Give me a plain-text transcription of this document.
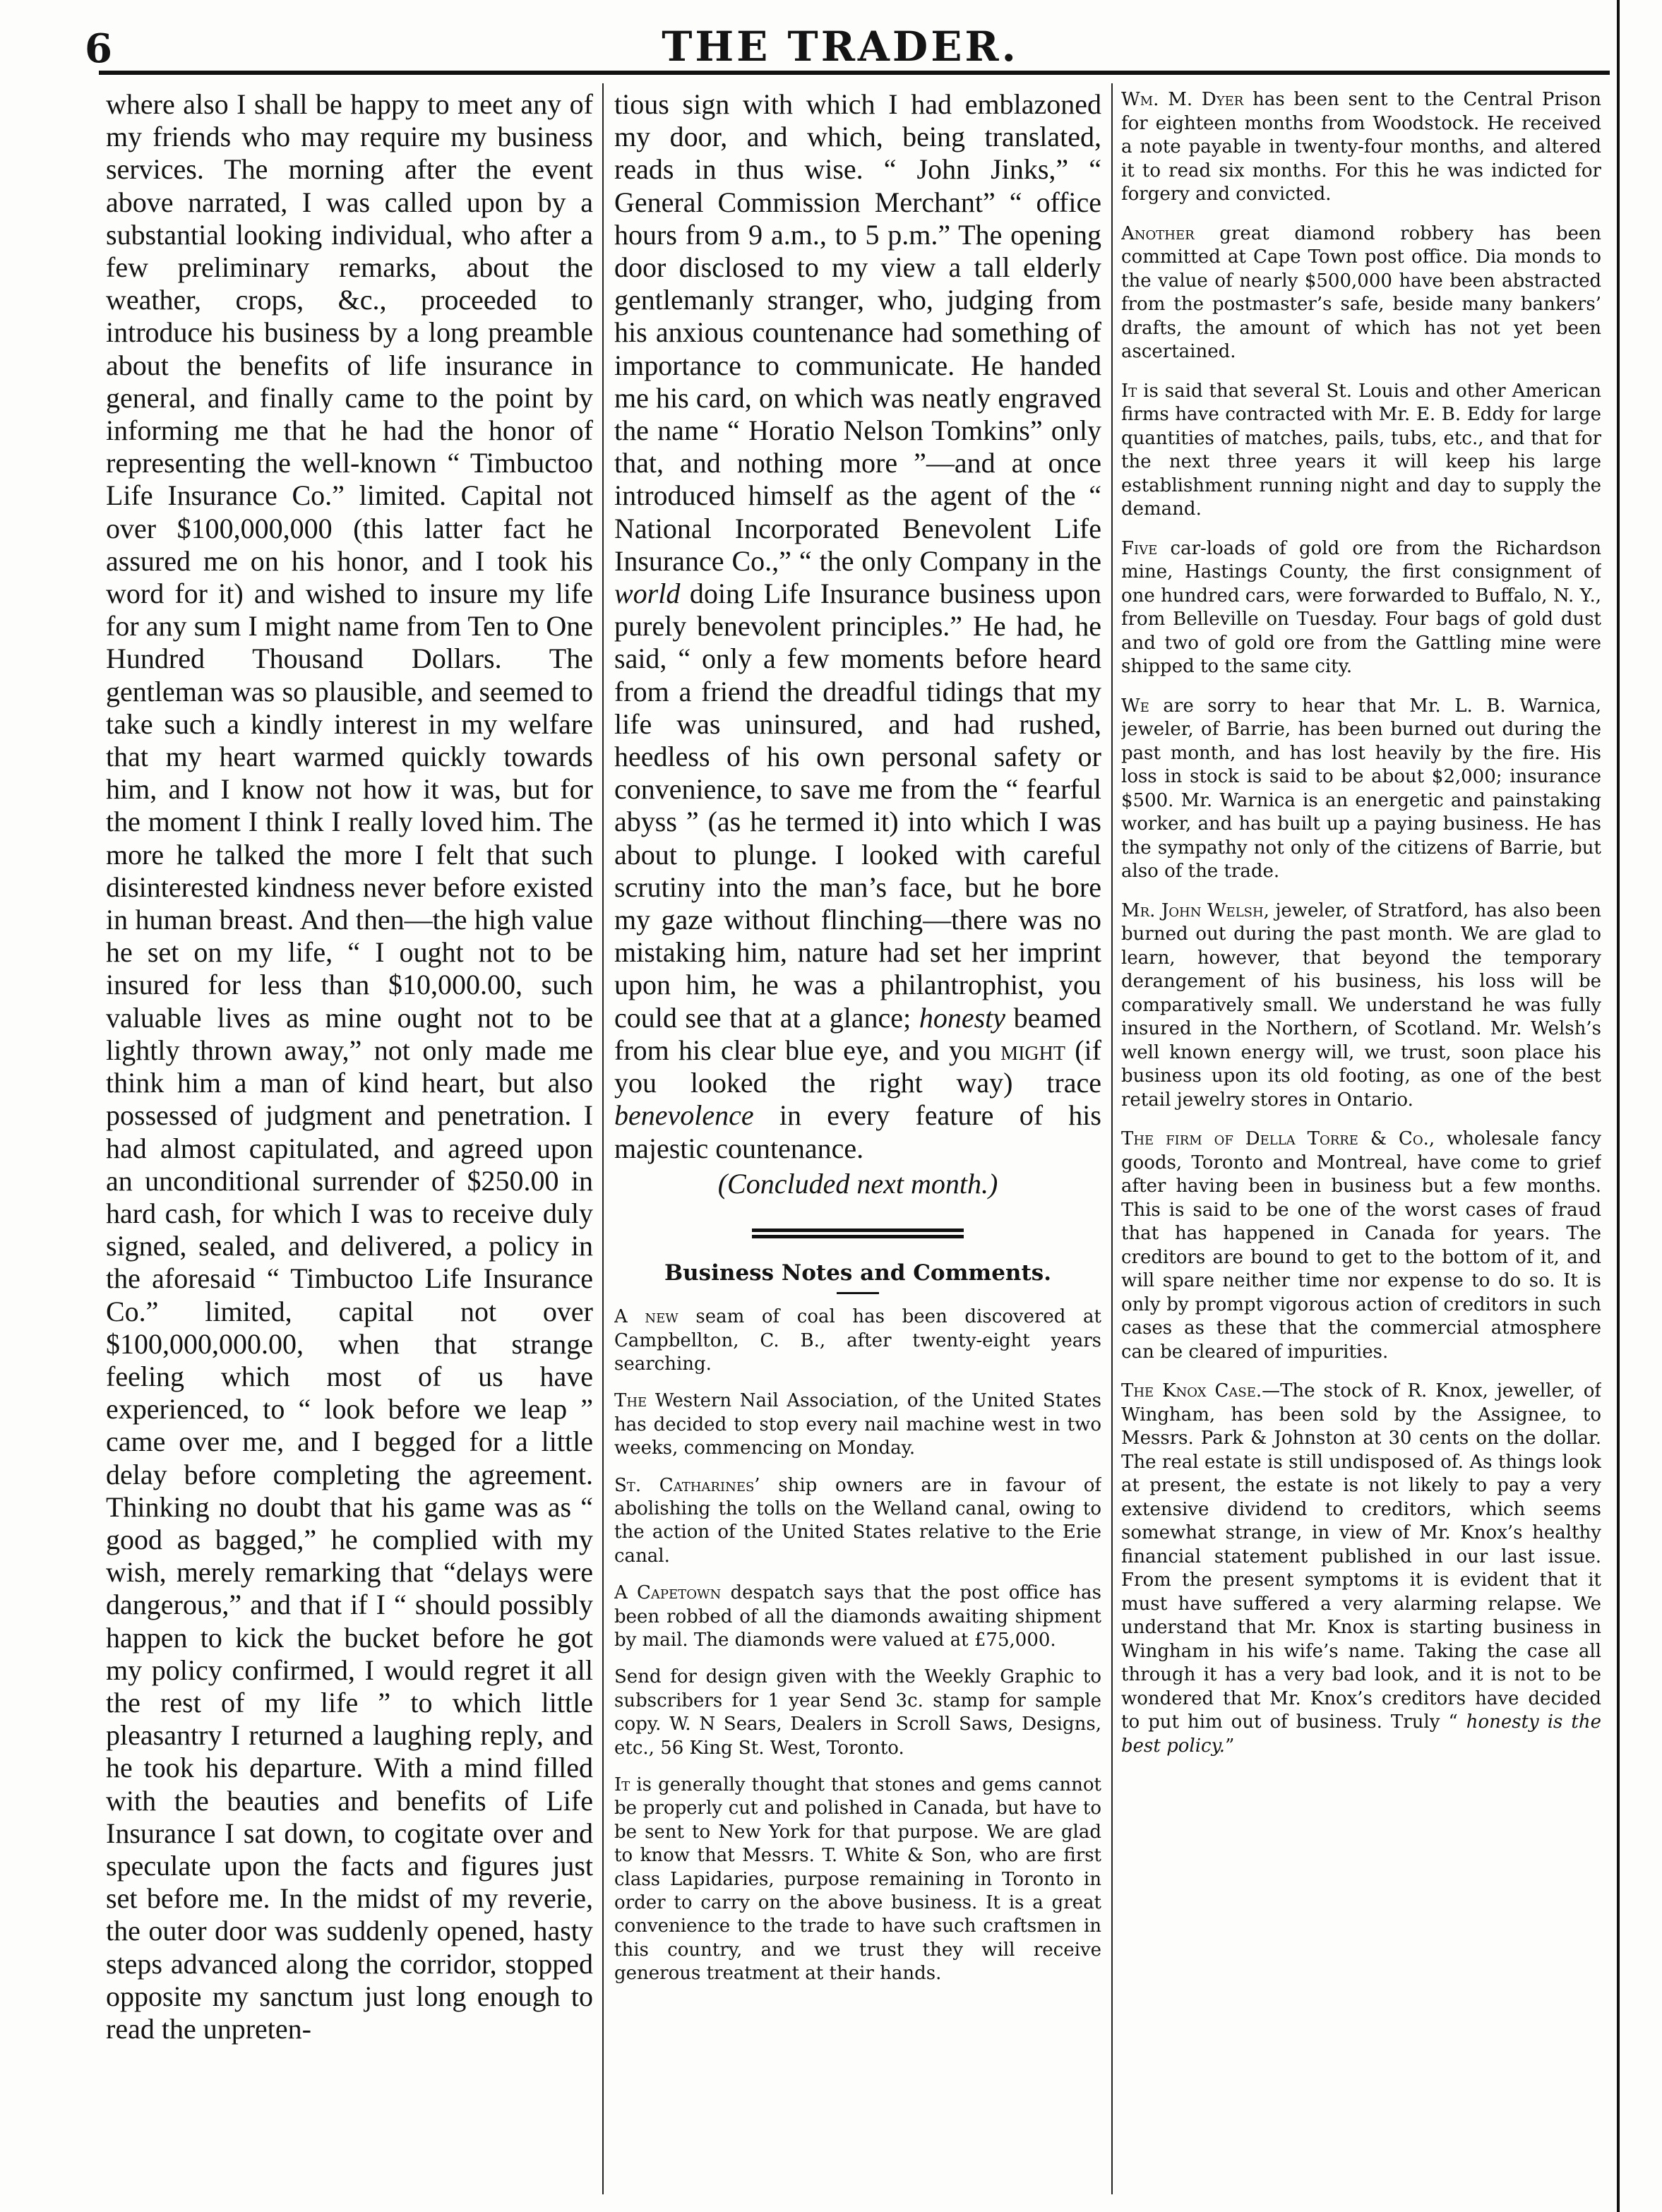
6	THE TRADER.

where also I shall be happy to meet any of my friends who may require my business services. The morning after the event above narrated, I was called upon by a substantial looking individual, who after a few preliminary remarks, about the weather, crops, &c., proceeded to introduce his business by a long preamble about the benefits of life insurance in general, and finally came to the point by informing me that he had the honor of representing the well-known “ Timbuctoo Life Insurance Co.” limited. Capital not over $100,000,000 (this latter fact he assured me on his honor, and I took his word for it) and wished to insure my life for any sum I might name from Ten to One Hundred Thousand Dollars. The gentleman was so plausible, and seemed to take such a kindly interest in my welfare that my heart warmed quickly towards him, and I know not how it was, but for the moment I think I really loved him. The more he talked the more I felt that such disinterested kindness never before existed in human breast. And then—the high value he set on my life, “ I ought not to be insured for less than $10,000.00, such valuable lives as mine ought not to be lightly thrown away,” not only made me think him a man of kind heart, but also possessed of judgment and penetration. I had almost capitulated, and agreed upon an unconditional surrender of $250.00 in hard cash, for which I was to receive duly signed, sealed, and delivered, a policy in the aforesaid “ Timbuctoo Life Insurance Co.” limited, capital not over $100,000,000.00, when that strange feeling which most of us have experienced, to “ look before we leap ” came over me, and I begged for a little delay before completing the agreement. Thinking no doubt that his game was as “ good as bagged,” he complied with my wish, merely remarking that “delays were dangerous,” and that if I “ should possibly happen to kick the bucket before he got my policy confirmed, I would regret it all the rest of my life ” to which little pleasantry I returned a laughing reply, and he took his departure. With a mind filled with the beauties and benefits of Life Insurance I sat down, to cogitate over and speculate upon the facts and figures just set before me. In the midst of my reverie, the outer door was suddenly opened, hasty steps advanced along the corridor, stopped opposite my sanctum just long enough to read the unpreten-

tious sign with which I had emblazoned my door, and which, being translated, reads in thus wise. “ John Jinks,” “ General Commission Merchant” “ office hours from 9 a.m., to 5 p.m.” The opening door disclosed to my view a tall elderly gentlemanly stranger, who, judging from his anxious countenance had something of importance to communicate. He handed me his card, on which was neatly engraved the name “ Horatio Nelson Tomkins” only that, and nothing more ”—and at once introduced himself as the agent of the “ National Incorporated Benevolent Life Insurance Co.,” “ the only Company in the world doing Life Insurance business upon purely benevolent principles.” He had, he said, “ only a few moments before heard from a friend the dreadful tidings that my life was uninsured, and had rushed, heedless of his own personal safety or convenience, to save me from the “ fearful abyss ” (as he termed it) into which I was about to plunge. I looked with careful scrutiny into the man’s face, but he bore my gaze without flinching—there was no mistaking him, nature had set her imprint upon him, he was a philantrophist, you could see that at a glance; honesty beamed from his clear blue eye, and you might (if you looked the right way) trace benevolence in every feature of his majestic countenance.

(Concluded next month.)

Business Notes and Comments.

A new seam of coal has been discovered at Campbellton, C. B., after twenty-eight years searching.

The Western Nail Association, of the United States has decided to stop every nail machine west in two weeks, commencing on Monday.

St. Catharines’ ship owners are in favour of abolishing the tolls on the Welland canal, owing to the action of the United States relative to the Erie canal.

A Capetown despatch says that the post office has been robbed of all the diamonds awaiting shipment by mail. The diamonds were valued at £75,000.

Send for design given with the Weekly Graphic to subscribers for 1 year Send 3c. stamp for sample copy. W. N Sears, Dealers in Scroll Saws, Designs, etc., 56 King St. West, Toronto.

It is generally thought that stones and gems cannot be properly cut and polished in Canada, but have to be sent to New York for that purpose. We are glad to know that Messrs. T. White & Son, who are first class Lapidaries, purpose remaining in Toronto in order to carry on the above business. It is a great convenience to the trade to have such craftsmen in this country, and we trust they will receive generous treatment at their hands.

Wm. M. Dyer has been sent to the Central Prison for eighteen months from Woodstock. He received a note payable in twenty-four months, and altered it to read six months. For this he was indicted for forgery and convicted.

Another great diamond robbery has been committed at Cape Town post office. Dia monds to the value of nearly $500,000 have been abstracted from the postmaster’s safe, beside many bankers’ drafts, the amount of which has not yet been ascertained.

It is said that several St. Louis and other American firms have contracted with Mr. E. B. Eddy for large quantities of matches, pails, tubs, etc., and that for the next three years it will keep his large establishment running night and day to supply the demand.

Five car-loads of gold ore from the Richardson mine, Hastings County, the first consignment of one hundred cars, were forwarded to Buffalo, N. Y., from Belleville on Tuesday. Four bags of gold dust and two of gold ore from the Gattling mine were shipped to the same city.

We are sorry to hear that Mr. L. B. Warnica, jeweler, of Barrie, has been burned out during the past month, and has lost heavily by the fire. His loss in stock is said to be about $2,000; insurance $500. Mr. Warnica is an energetic and painstaking worker, and has built up a paying business. He has the sympathy not only of the citizens of Barrie, but also of the trade.

Mr. John Welsh, jeweler, of Stratford, has also been burned out during the past month. We are glad to learn, however, that beyond the temporary derangement of his business, his loss will be comparatively small. We understand he was fully insured in the Northern, of Scotland. Mr. Welsh’s well known energy will, we trust, soon place his business upon its old footing, as one of the best retail jewelry stores in Ontario.

The firm of Della Torre & Co., wholesale fancy goods, Toronto and Montreal, have come to grief after having been in business but a few months. This is said to be one of the worst cases of fraud that has happened in Canada for years. The creditors are bound to get to the bottom of it, and will spare neither time nor expense to do so. It is only by prompt vigorous action of creditors in such cases as these that the commercial atmosphere can be cleared of impurities.

The Knox Case.—The stock of R. Knox, jeweller, of Wingham, has been sold by the Assignee, to Messrs. Park & Johnston at 30 cents on the dollar. The real estate is still undisposed of. As things look at present, the estate is not likely to pay a very extensive dividend to creditors, which seems somewhat strange, in view of Mr. Knox’s healthy financial statement published in our last issue. From the present symptoms it is evident that it must have suffered a very alarming relapse. We understand that Mr. Knox is starting business in Wingham in his wife’s name. Taking the case all through it has a very bad look, and it is not to be wondered that Mr. Knox’s creditors have decided to put him out of business. Truly “ honesty is the best policy.”
